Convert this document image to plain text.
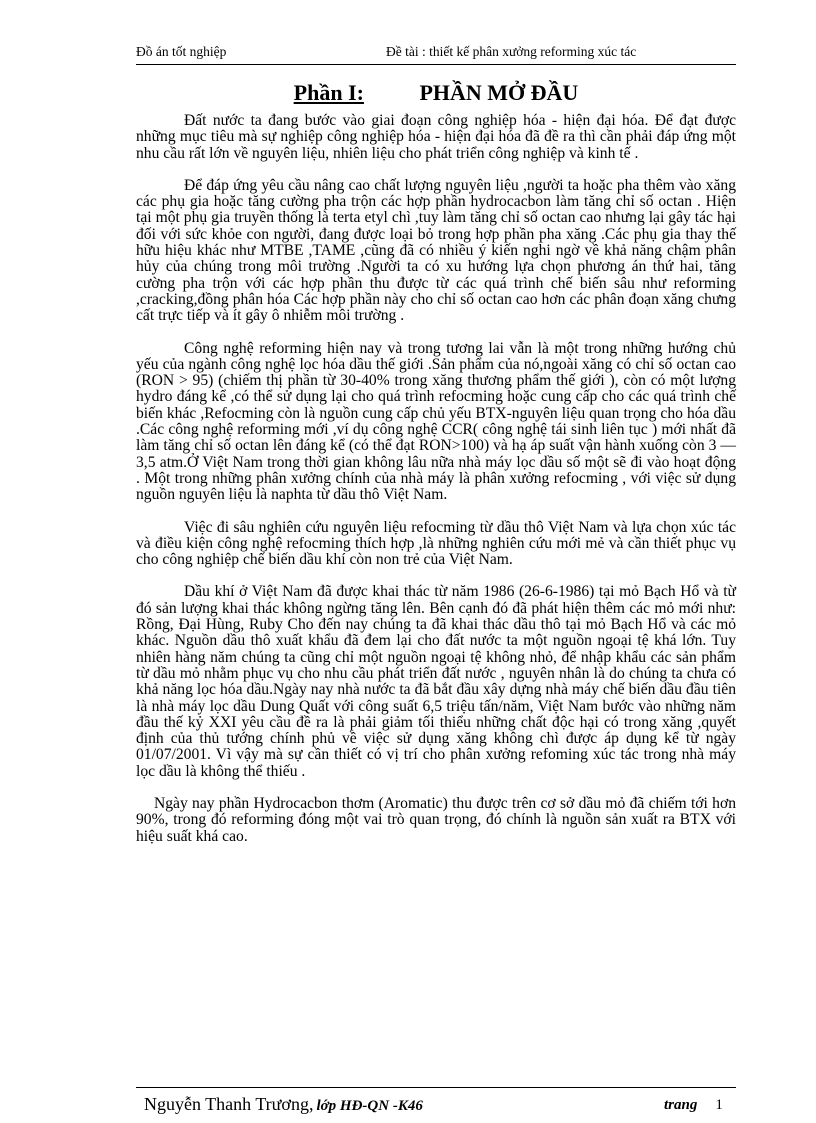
Đồ án tốt nghiệp	Đề tài : thiết kế phân xưởng reforming xúc tác
Phần I:	PHẦN MỞ ĐẦU

Đất nước ta đang bước vào giai đoạn công nghiệp hóa - hiện đại hóa. Để đạt được những mục tiêu mà sự nghiệp công nghiệp hóa - hiện đại hóa đã đề ra thì cần phải đáp ứng một nhu cầu rất lớn về nguyên liệu, nhiên liệu cho phát triển công nghiệp và kinh tế .

Để đáp ứng yêu cầu nâng cao chất lượng nguyên liệu ,người ta hoặc pha thêm vào xăng các phụ gia hoặc tăng cường pha trộn các hợp phần hydrocacbon làm tăng chỉ số octan . Hiện tại một phụ gia truyền thống là terta etyl chì ,tuy làm tăng chỉ số octan cao nhưng lại gây tác hại đối với sức khỏe con người, đang được loại bỏ trong hợp phần pha xăng .Các phụ gia thay thế hữu hiệu khác như MTBE ,TAME ,cũng đã có nhiều ý kiến nghi ngờ về khả năng chậm phân hủy của chúng trong môi trường .Người ta có xu hướng lựa chọn phương án thứ hai, tăng cường pha trộn với các hợp phần thu được từ các quá trình chế biến sâu như reforming ,cracking,đồng phân hóa Các hợp phần này cho chỉ số octan cao hơn các phân đoạn xăng chưng cất trực tiếp và ít gây ô nhiễm môi trường .

Công nghệ reforming hiện nay và trong tương lai vẫn là một trong những hướng chủ yếu của ngành công nghệ lọc hóa dầu thế giới .Sản phẩm của nó,ngoài xăng có chỉ số octan cao (RON > 95) (chiếm thị phần từ 30-40% trong xăng thương phẩm thế giới ), còn có một lượng hydro đáng kể ,có thể sử dụng lại cho quá trình refocming hoặc cung cấp cho các quá trình chế biến khác ,Refocming còn là nguồn cung cấp chủ yếu BTX-nguyên liệu quan trọng cho hóa dầu .Các công nghệ reforming mới ,ví dụ công nghệ CCR( công nghệ tái sinh liên tục ) mới nhất đã làm tăng chỉ số octan lên đáng kể (có thể đạt RON>100) và hạ áp suất vận hành xuống còn 3 — 3,5 atm.Ở Việt Nam trong thời gian không lâu nữa nhà máy lọc dầu số một sẽ đi vào hoạt động . Một trong những phân xưởng chính của nhà máy là phân xưởng refocming , với việc sử dụng nguồn nguyên liệu là naphta từ dầu thô Việt Nam.

Việc đi sâu nghiên cứu nguyên liệu refocming từ dầu thô Việt Nam và lựa chọn xúc tác và điều kiện công nghệ refocming thích hợp ,là những nghiên cứu mới mẻ và cần thiết phục vụ cho công nghiệp chế biến dầu khí còn non trẻ của Việt Nam.

Dầu khí ở Việt Nam đã được khai thác từ năm 1986 (26-6-1986) tại mỏ Bạch Hổ và từ đó sản lượng khai thác không ngừng tăng lên. Bên cạnh đó đã phát hiện thêm các mỏ mới như: Rồng, Đại Hùng, Ruby Cho đến nay chúng ta đã khai thác dầu thô tại mỏ Bạch Hổ và các mỏ khác. Nguồn dầu thô xuất khẩu đã đem lại cho đất nước ta một nguồn ngoại tệ khá lớn. Tuy nhiên hàng năm chúng ta cũng chỉ một nguồn ngoại tệ không nhỏ, để nhập khẩu các sản phẩm từ dầu mỏ nhằm phục vụ cho nhu cầu phát triển đất nước , nguyên nhân là do chúng ta chưa có khả năng lọc hóa dầu.Ngày nay nhà nước ta đã bắt đầu xây dựng nhà máy chế biến dầu đầu tiên là nhà máy lọc dầu Dung Quất với công suất 6,5 triệu tấn/năm, Việt Nam bước vào những năm đầu thế kỷ XXI yêu cầu đề ra là phải giảm tối thiểu những chất độc hại có trong xăng ,quyết định của thủ tướng chính phủ về việc sử dụng xăng không chì được áp dụng kể từ ngày 01/07/2001. Vì vậy mà sự cần thiết có vị trí cho phân xưởng refoming xúc tác trong nhà máy lọc dầu là không thể thiếu .

Ngày nay phần Hydrocacbon thơm (Aromatic) thu được trên cơ sở dầu mỏ đã chiếm tới hơn 90%, trong đó reforming đóng một vai trò quan trọng, đó chính là nguồn sản xuất ra BTX với hiệu suất khá cao.

Nguyễn Thanh Trương, lớp HĐ-QN -K46	trang 1
